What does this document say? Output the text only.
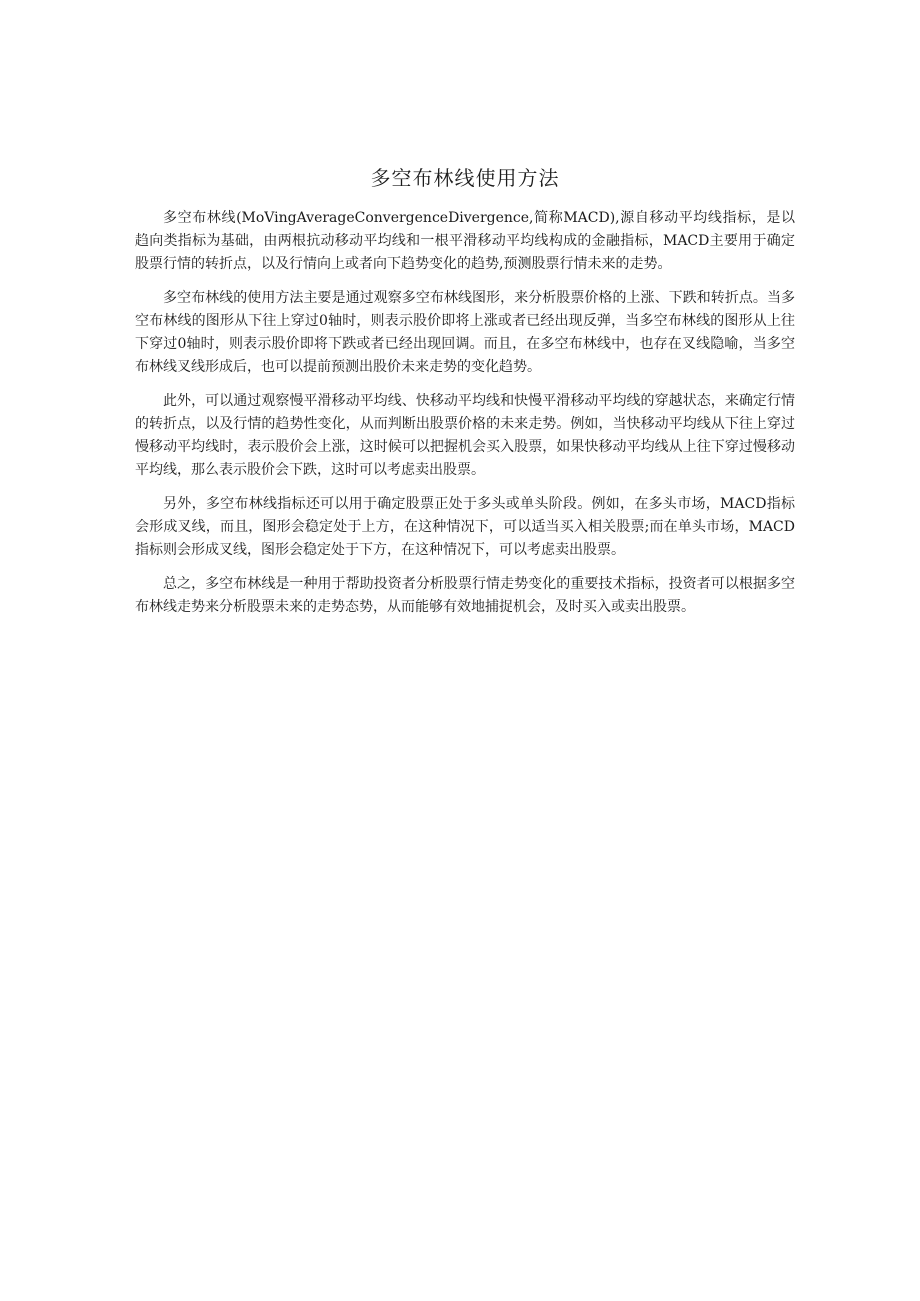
多空布林线使用方法

多空布林线(MoVingAverageConvergenceDivergence,简称MACD),源自移动平均线指标，是以趋向类指标为基础，由两根抗动移动平均线和一根平滑移动平均线构成的金融指标，MACD主要用于确定股票行情的转折点，以及行情向上或者向下趋势变化的趋势,预测股票行情未来的走势。

多空布林线的使用方法主要是通过观察多空布林线图形，来分析股票价格的上涨、下跌和转折点。当多空布林线的图形从下往上穿过0轴时，则表示股价即将上涨或者已经出现反弹，当多空布林线的图形从上往下穿过0轴时，则表示股价即将下跌或者已经出现回调。而且，在多空布林线中，也存在叉线隐喻，当多空布林线叉线形成后，也可以提前预测出股价未来走势的变化趋势。

此外，可以通过观察慢平滑移动平均线、快移动平均线和快慢平滑移动平均线的穿越状态，来确定行情的转折点，以及行情的趋势性变化，从而判断出股票价格的未来走势。例如，当快移动平均线从下往上穿过慢移动平均线时，表示股价会上涨，这时候可以把握机会买入股票，如果快移动平均线从上往下穿过慢移动平均线，那么表示股价会下跌，这时可以考虑卖出股票。

另外，多空布林线指标还可以用于确定股票正处于多头或单头阶段。例如，在多头市场，MACD指标会形成叉线，而且，图形会稳定处于上方，在这种情况下，可以适当买入相关股票;而在单头市场，MACD指标则会形成叉线，图形会稳定处于下方，在这种情况下，可以考虑卖出股票。

总之，多空布林线是一种用于帮助投资者分析股票行情走势变化的重要技术指标，投资者可以根据多空布林线走势来分析股票未来的走势态势，从而能够有效地捕捉机会，及时买入或卖出股票。
